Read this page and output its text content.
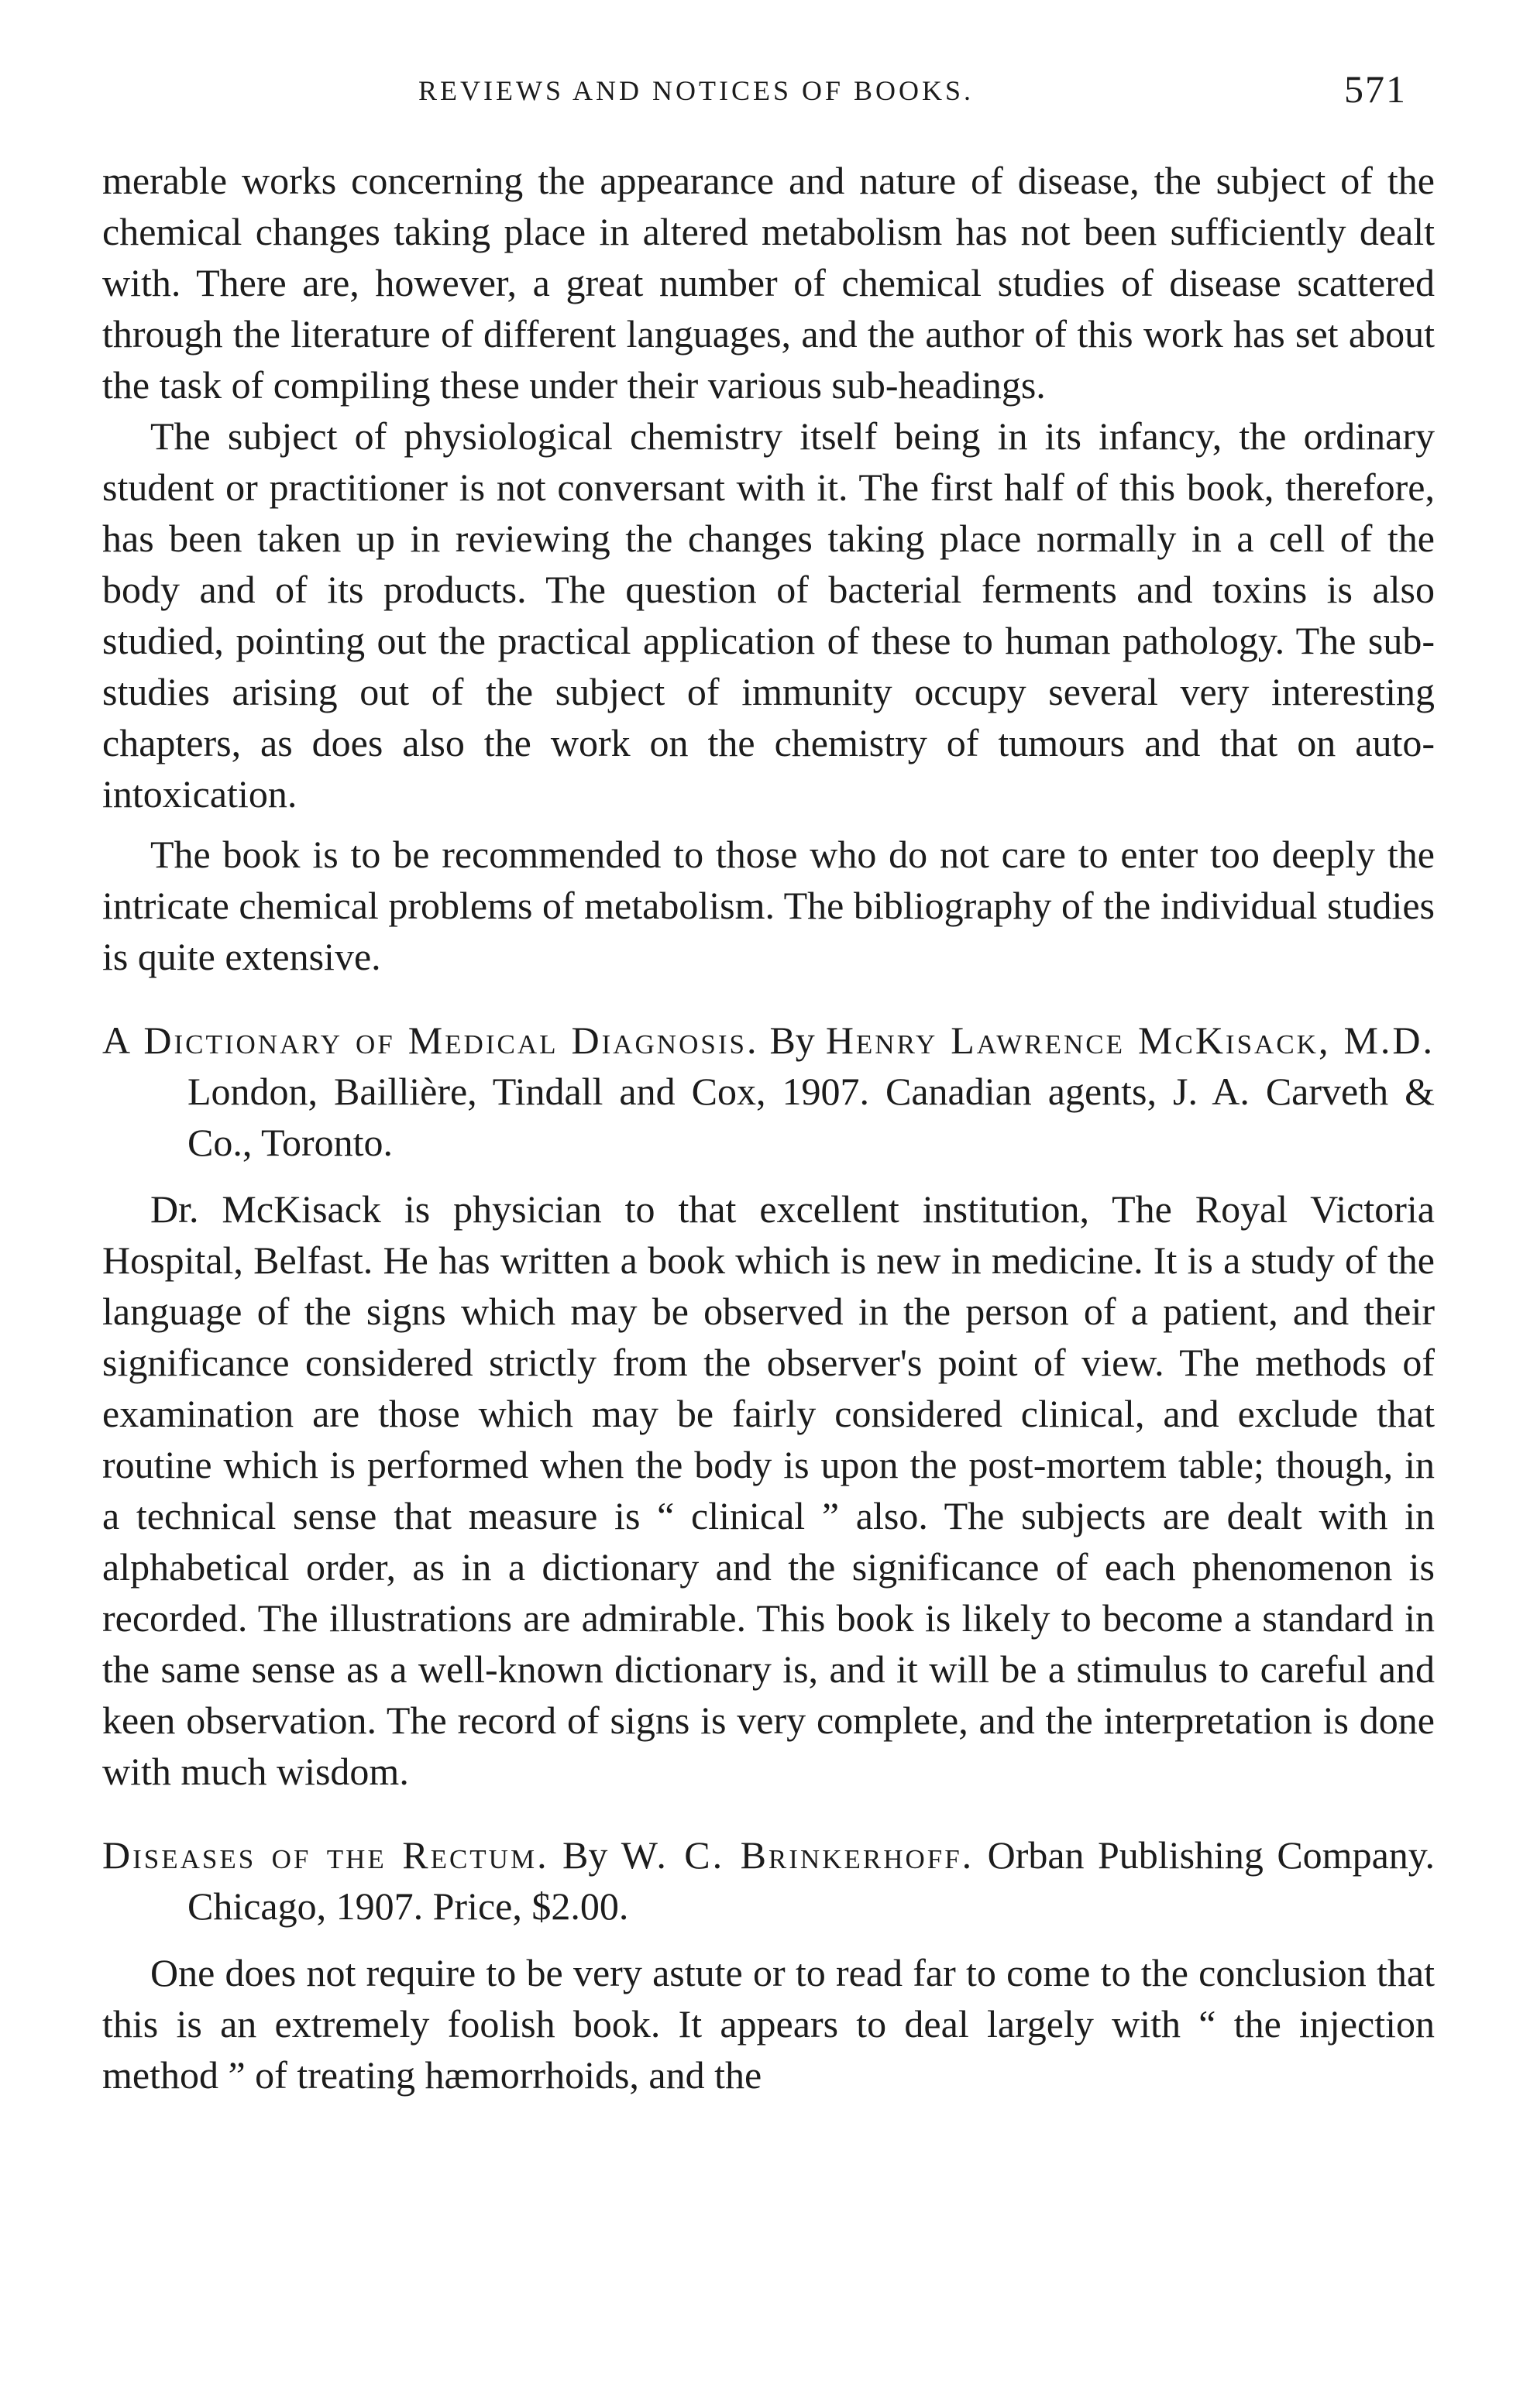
REVIEWS AND NOTICES OF BOOKS.	571

merable works concerning the appearance and nature of disease, the subject of the chemical changes taking place in altered metabolism has not been sufficiently dealt with. There are, however, a great number of chemical studies of disease scattered through the literature of different languages, and the author of this work has set about the task of compiling these under their various sub-headings.

The subject of physiological chemistry itself being in its infancy, the ordinary student or practitioner is not conversant with it. The first half of this book, therefore, has been taken up in reviewing the changes taking place normally in a cell of the body and of its products. The question of bacterial ferments and toxins is also studied, pointing out the practical application of these to human pathology. The sub-studies arising out of the subject of immunity occupy several very interesting chapters, as does also the work on the chemistry of tumours and that on auto-intoxication.

The book is to be recommended to those who do not care to enter too deeply the intricate chemical problems of metabolism. The bibliography of the individual studies is quite extensive.

A Dictionary of Medical Diagnosis. By Henry Lawrence McKisack, M.D. London, Baillière, Tindall and Cox, 1907. Canadian agents, J. A. Carveth & Co., Toronto.

Dr. McKisack is physician to that excellent institution, The Royal Victoria Hospital, Belfast. He has written a book which is new in medicine. It is a study of the language of the signs which may be observed in the person of a patient, and their significance considered strictly from the observer's point of view. The methods of examination are those which may be fairly considered clinical, and exclude that routine which is performed when the body is upon the post-mortem table; though, in a technical sense that measure is “ clinical ” also. The subjects are dealt with in alphabetical order, as in a dictionary and the significance of each phenomenon is recorded. The illustrations are admirable. This book is likely to become a standard in the same sense as a well-known dictionary is, and it will be a stimulus to careful and keen observation. The record of signs is very complete, and the interpretation is done with much wisdom.

Diseases of the Rectum. By W. C. Brinkerhoff. Orban Publishing Company. Chicago, 1907. Price, $2.00.

One does not require to be very astute or to read far to come to the conclusion that this is an extremely foolish book. It appears to deal largely with “ the injection method ” of treating hæmorrhoids, and the
